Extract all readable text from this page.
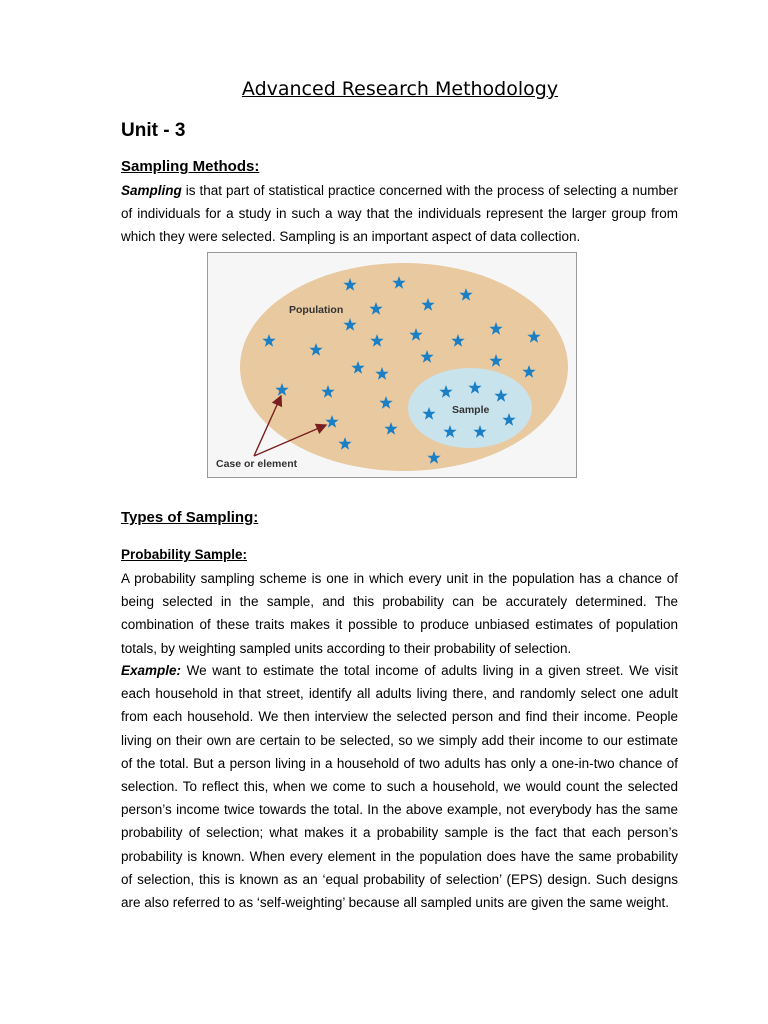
Advanced Research Methodology
Unit - 3
Sampling Methods:

Sampling is that part of statistical practice concerned with the process of selecting a number of individuals for a study in such a way that the individuals represent the larger group from which they were selected. Sampling is an important aspect of data collection.

Population
Sample
Case or element
Types of Sampling:
Probability Sample:

A probability sampling scheme is one in which every unit in the population has a chance of being selected in the sample, and this probability can be accurately determined. The combination of these traits makes it possible to produce unbiased estimates of population totals, by weighting sampled units according to their probability of selection.

Example: We want to estimate the total income of adults living in a given street. We visit each household in that street, identify all adults living there, and randomly select one adult from each household. We then interview the selected person and find their income. People living on their own are certain to be selected, so we simply add their income to our estimate of the total. But a person living in a household of two adults has only a one-in-two chance of selection. To reflect this, when we come to such a household, we would count the selected person’s income twice towards the total. In the above example, not everybody has the same probability of selection; what makes it a probability sample is the fact that each person’s probability is known. When every element in the population does have the same probability of selection, this is known as an ‘equal probability of selection’ (EPS) design. Such designs are also referred to as ‘self-weighting’ because all sampled units are given the same weight.
